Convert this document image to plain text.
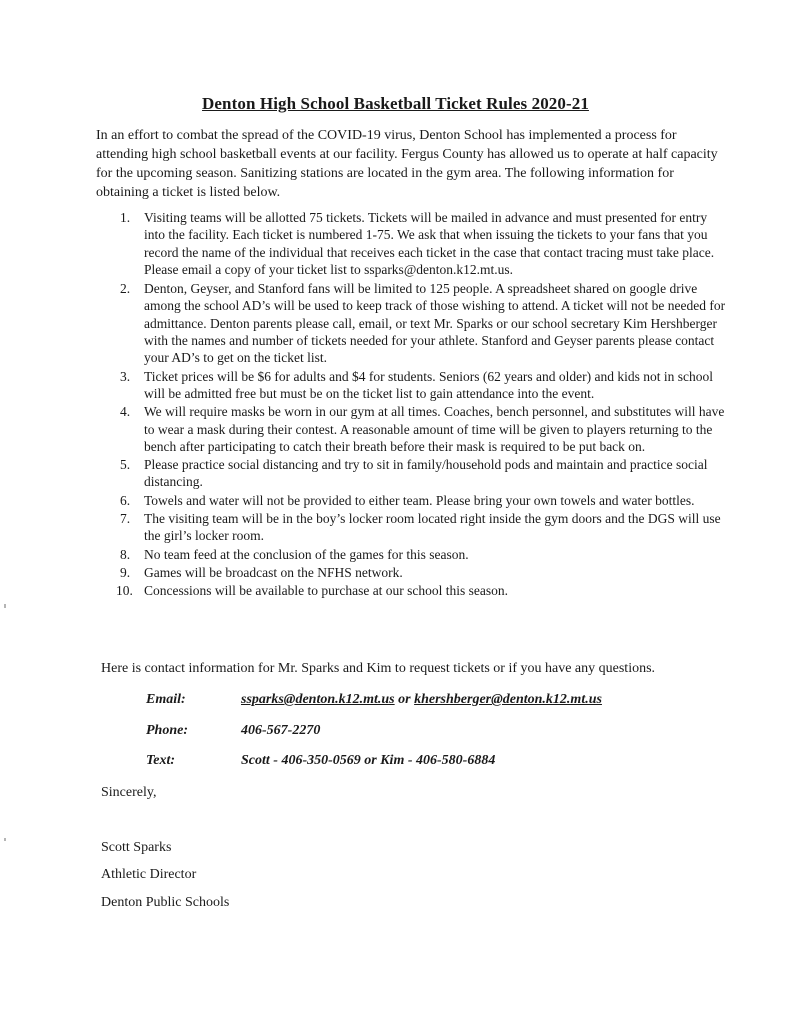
Denton High School Basketball Ticket Rules 2020-21
In an effort to combat the spread of the COVID-19 virus, Denton School has implemented a process for attending high school basketball events at our facility. Fergus County has allowed us to operate at half capacity for the upcoming season. Sanitizing stations are located in the gym area. The following information for obtaining a ticket is listed below.
1. Visiting teams will be allotted 75 tickets. Tickets will be mailed in advance and must presented for entry into the facility. Each ticket is numbered 1-75. We ask that when issuing the tickets to your fans that you record the name of the individual that receives each ticket in the case that contact tracing must take place. Please email a copy of your ticket list to ssparks@denton.k12.mt.us.
2. Denton, Geyser, and Stanford fans will be limited to 125 people. A spreadsheet shared on google drive among the school AD’s will be used to keep track of those wishing to attend. A ticket will not be needed for admittance. Denton parents please call, email, or text Mr. Sparks or our school secretary Kim Hershberger with the names and number of tickets needed for your athlete. Stanford and Geyser parents please contact your AD’s to get on the ticket list.
3. Ticket prices will be $6 for adults and $4 for students. Seniors (62 years and older) and kids not in school will be admitted free but must be on the ticket list to gain attendance into the event.
4. We will require masks be worn in our gym at all times. Coaches, bench personnel, and substitutes will have to wear a mask during their contest. A reasonable amount of time will be given to players returning to the bench after participating to catch their breath before their mask is required to be put back on.
5. Please practice social distancing and try to sit in family/household pods and maintain and practice social distancing.
6. Towels and water will not be provided to either team. Please bring your own towels and water bottles.
7. The visiting team will be in the boy’s locker room located right inside the gym doors and the DGS will use the girl’s locker room.
8. No team feed at the conclusion of the games for this season.
9. Games will be broadcast on the NFHS network.
10. Concessions will be available to purchase at our school this season.
Here is contact information for Mr. Sparks and Kim to request tickets or if you have any questions.
Email:	ssparks@denton.k12.mt.us or khershberger@denton.k12.mt.us
Phone:	406-567-2270
Text:	Scott - 406-350-0569 or Kim - 406-580-6884
Sincerely,
Scott Sparks
Athletic Director
Denton Public Schools
